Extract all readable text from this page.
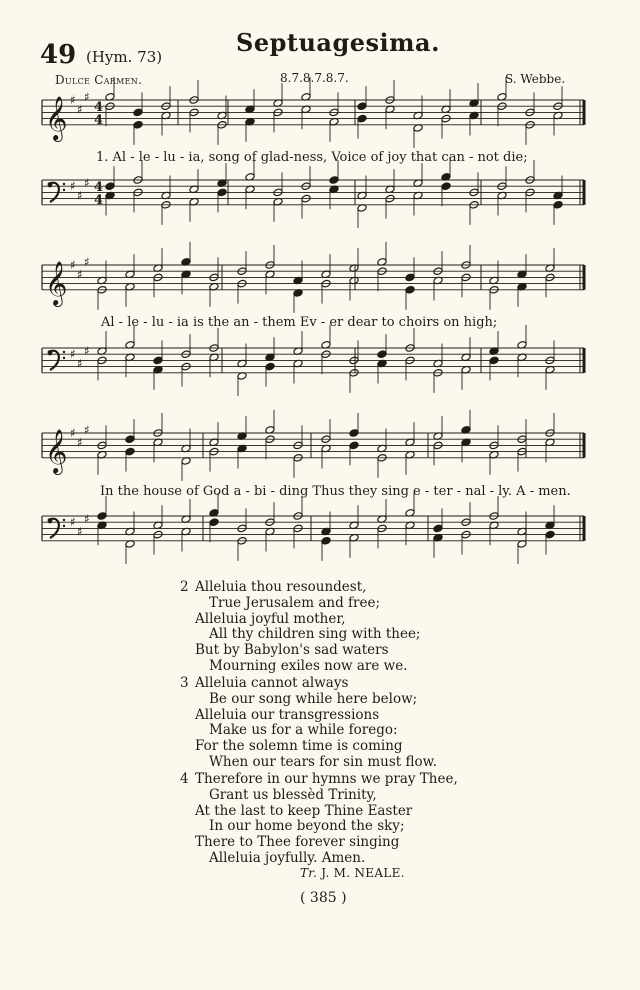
49 (Hym. 73)	Septuagesima.
Dulce Carmen.	8.7.8.7.8.7.	S. Webbe.
𝄞 ♯
♯
♯
4
4
♯
♯
♯ 4
4
𝄞 ♯
♯
♯
♯
♯
♯
𝄞 ♯
♯
♯
♯
♯
♯
1. Al - le - lu - ia, song of glad-ness, Voice of joy that can - not die;
Al - le - lu - ia is the an - them Ev - er dear to choirs on high;
In the house of God a - bi - ding Thus they sing e - ter - nal - ly. A - men.
2 Alleluia thou resoundest,
True Jerusalem and free;
Alleluia joyful mother,
All thy children sing with thee;
But by Babylon's sad waters
Mourning exiles now are we.
3 Alleluia cannot always
Be our song while here below;
Alleluia our transgressions
Make us for a while forego:
For the solemn time is coming
When our tears for sin must flow.
4 Therefore in our hymns we pray Thee,
Grant us blessèd Trinity,
At the last to keep Thine Easter
In our home beyond the sky;
There to Thee forever singing
Alleluia joyfully. Amen.
Tr. J. M. NEALE.
( 385 )
